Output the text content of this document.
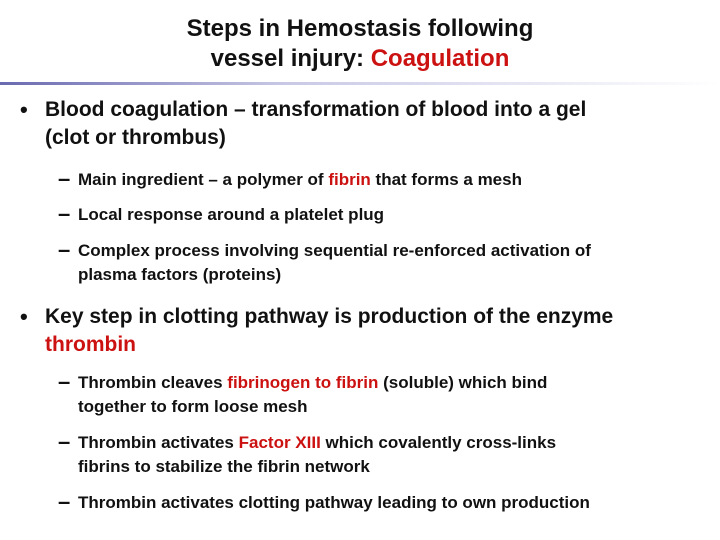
Steps in Hemostasis following
vessel injury: Coagulation
• Blood coagulation – transformation of blood into a gel
(clot or thrombus)
– Main ingredient – a polymer of fibrin that forms a mesh
– Local response around a platelet plug
– Complex process involving sequential re-enforced activation of
plasma factors (proteins)
• Key step in clotting pathway is production of the enzyme
thrombin
– Thrombin cleaves fibrinogen to fibrin (soluble) which bind
together to form loose mesh
– Thrombin activates Factor XIII which covalently cross-links
fibrins to stabilize the fibrin network
– Thrombin activates clotting pathway leading to own production
